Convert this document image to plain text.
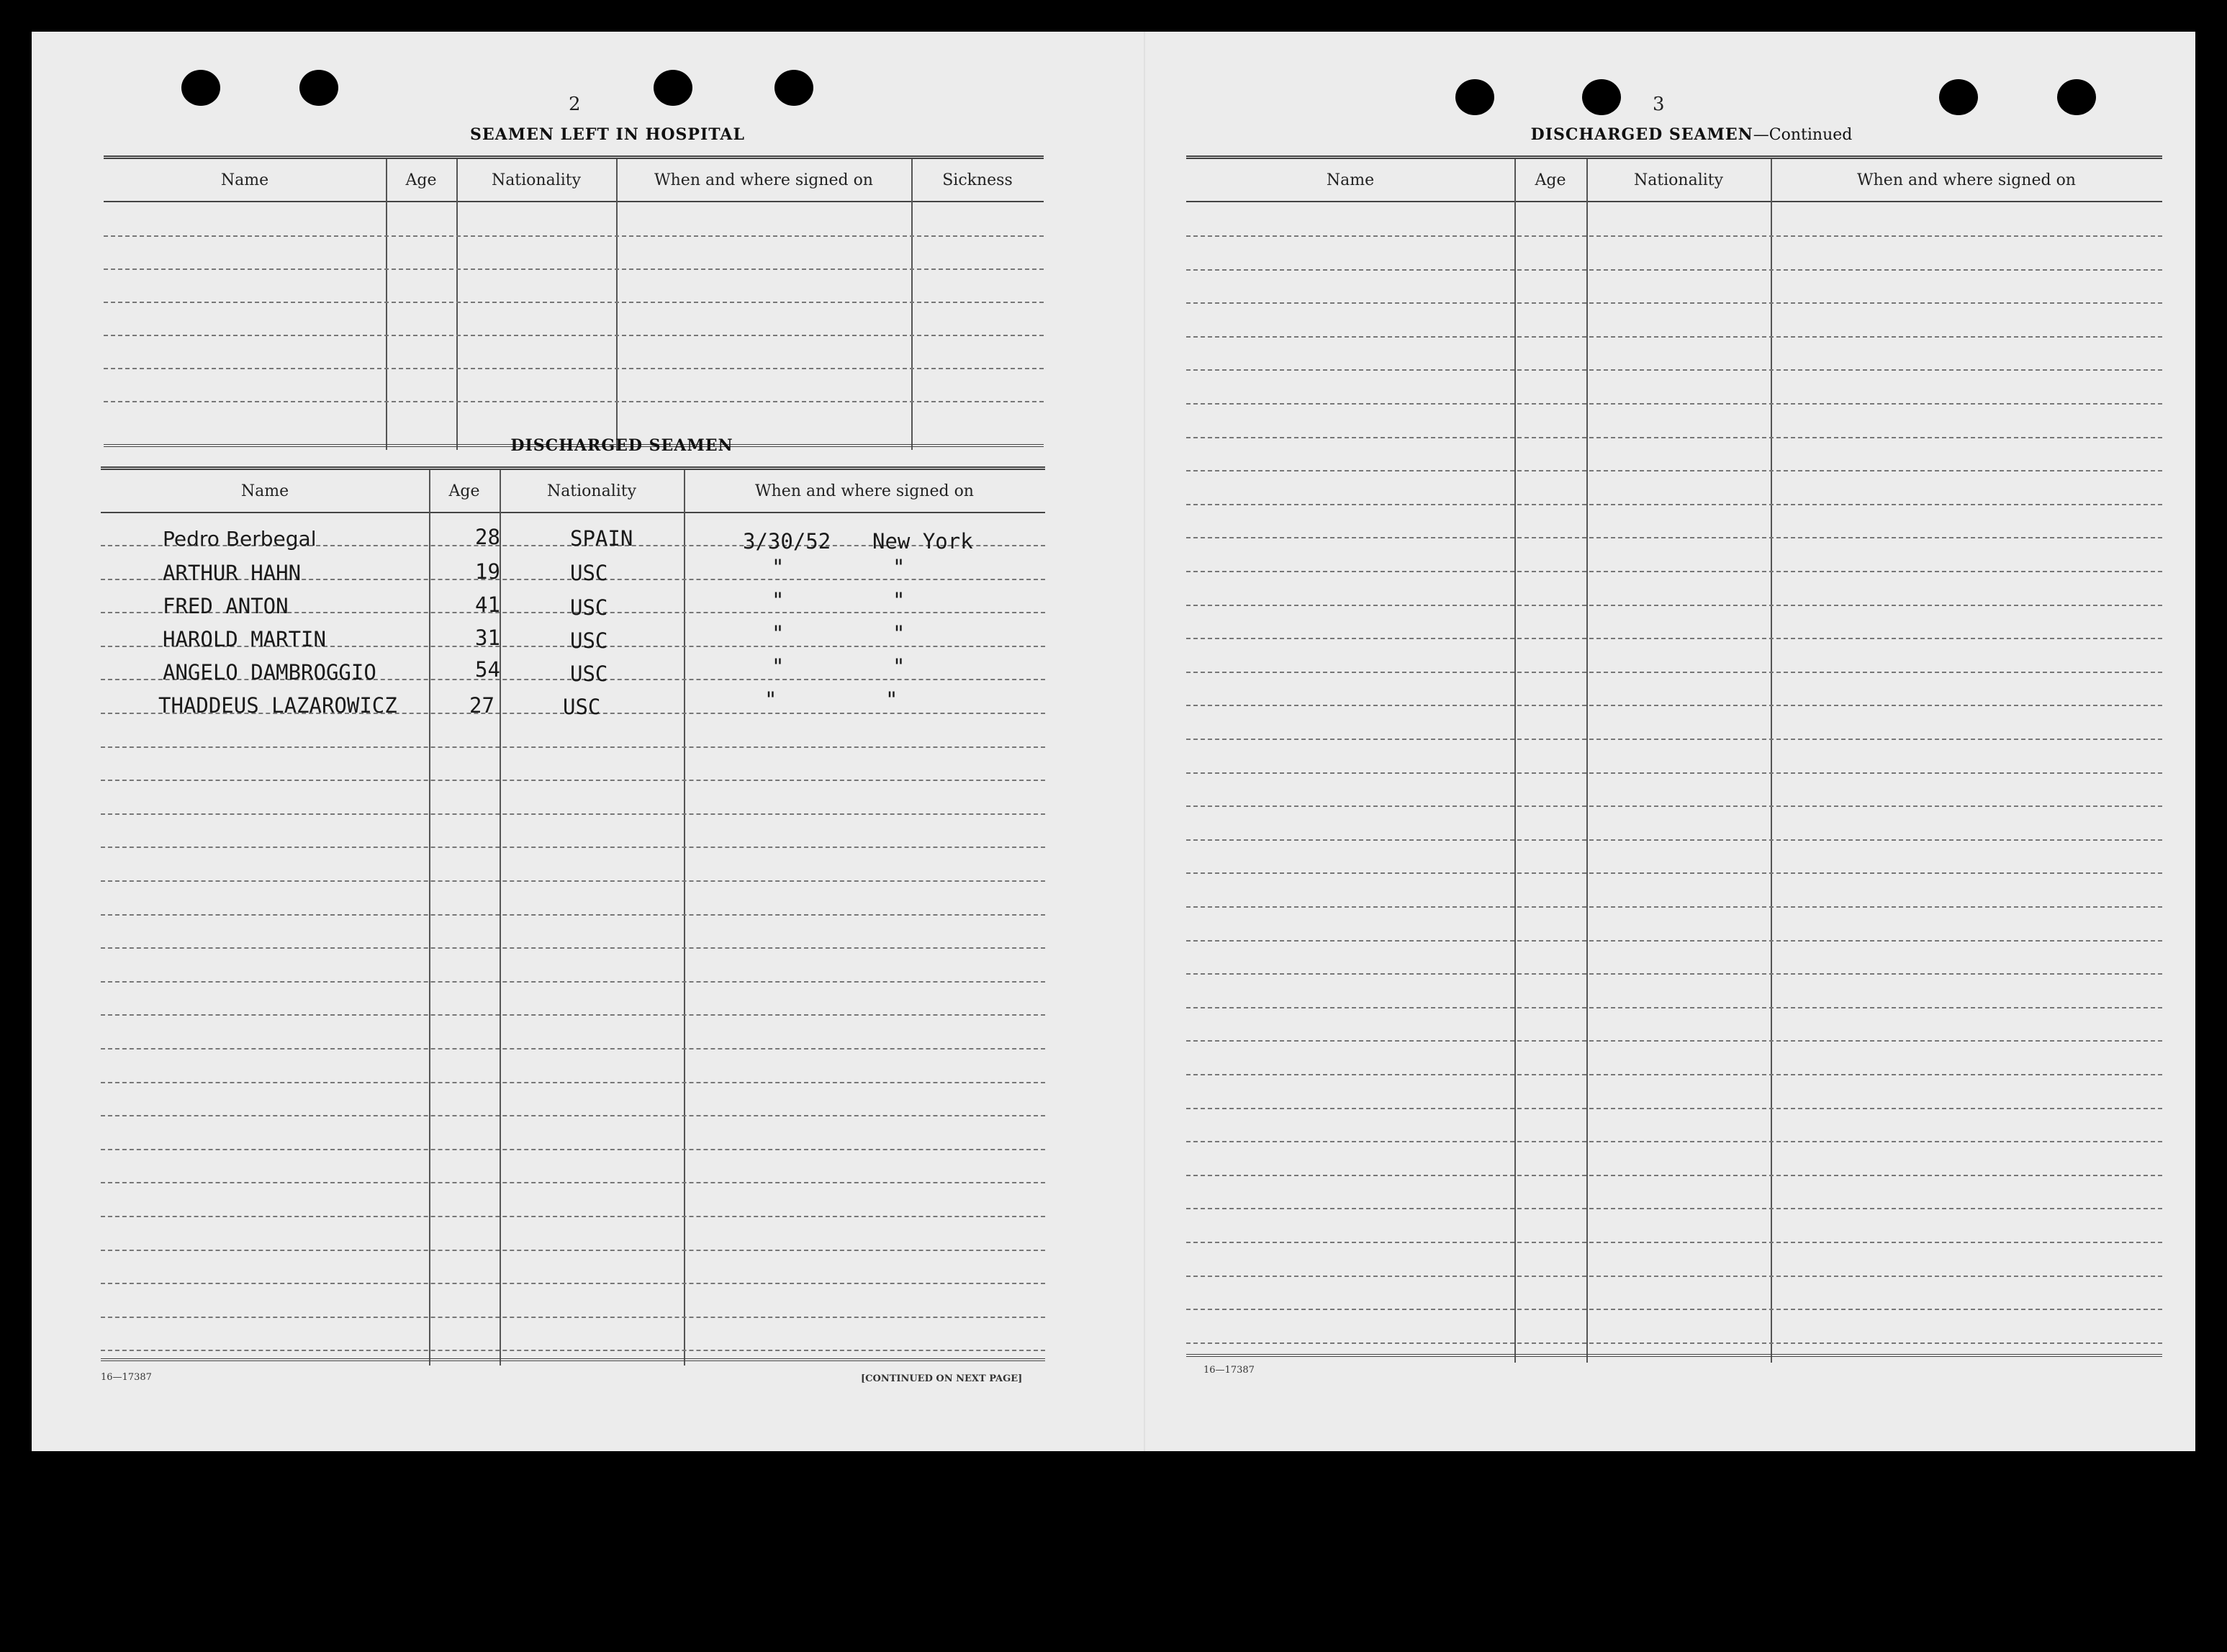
2
SEAMEN LEFT IN HOSPITAL
Name	Age	Nationality	When and where signed on	Sickness
DISCHARGED SEAMEN
Name	Age	Nationality	When and where signed on
Pedro Berbegal	28	SPAIN	3/30/52 New York
ARTHUR HAHN	19	USC	"	"
FRED ANTON	41	USC	"	"
HAROLD MARTIN	31	USC	"	"
ANGELO DAMBROGGIO	54	USC	"	"
THADDEUS LAZAROWICZ	27	USC	"	"
16—17387	[CONTINUED ON NEXT PAGE]
3
DISCHARGED SEAMEN—Continued
Name	Age	Nationality	When and where signed on
16—17387
